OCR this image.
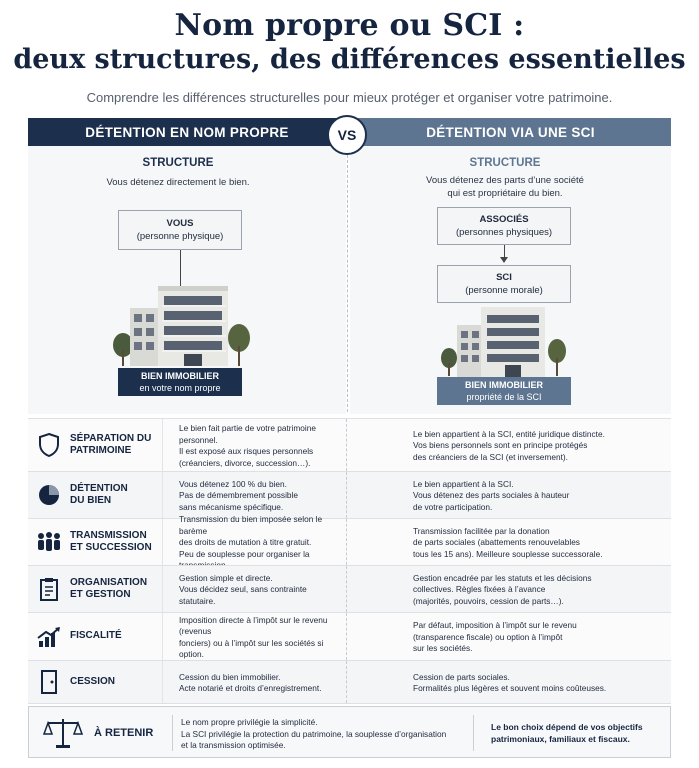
Nom propre ou SCI :
deux structures, des différences essentielles
Comprendre les différences structurelles pour mieux protéger et organiser votre patrimoine.
DÉTENTION EN NOM PROPRE	DÉTENTION VIA UNE SCI
VS
STRUCTURE
Vous détenez directement le bien.
STRUCTURE
Vous détenez des parts d’une société
qui est propriétaire du bien.
VOUS
(personne physique)
BIEN IMMOBILIER
en votre nom propre
ASSOCIÉS
(personnes physiques)
SCI
(personne morale)
BIEN IMMOBILIER
propriété de la SCI
SÉPARATION DU
PATRIMOINE
Le bien fait partie de votre patrimoine personnel.
Il est exposé aux risques personnels
(créanciers, divorce, succession…).
Le bien appartient à la SCI, entité juridique distincte.
Vos biens personnels sont en principe protégés
des créanciers de la SCI (et inversement).
DÉTENTION
DU BIEN
Vous détenez 100 % du bien.
Pas de démembrement possible
sans mécanisme spécifique.
Le bien appartient à la SCI.
Vous détenez des parts sociales à hauteur
de votre participation.
TRANSMISSION
ET SUCCESSION
Transmission du bien imposée selon le barème
des droits de mutation à titre gratuit.
Peu de souplesse pour organiser la
Transmission facilitée par la donation
de parts sociales (abattements renouvelables
tous les 15 ans). Meilleure souplesse successorale.
ORGANISATION
ET GESTION
Gestion simple et directe.
Vous décidez seul, sans contrainte statutaire.
Gestion encadrée par les statuts et les décisions
collectives. Règles fixées à l’avance
(majorités, pouvoirs, cession de parts…).
FISCALITÉ
Imposition directe à l’impôt sur le revenu (revenus
fonciers) ou à l’impôt sur les sociétés si option.
Par défaut, imposition à l’impôt sur le revenu
(transparence fiscale) ou option à l’impôt
sur les sociétés.
CESSION	Cession du bien immobilier.
Acte notarié et droits d’enregistrement.
Cession de parts sociales.
Formalités plus légères et souvent moins coûteuses.
À RETENIR
Le nom propre privilégie la simplicité.
La SCI privilégie la protection du patrimoine, la souplesse d’organisation
et la transmission optimisée.
Le bon choix dépend de vos objectifs
patrimoniaux, familiaux et fiscaux.
